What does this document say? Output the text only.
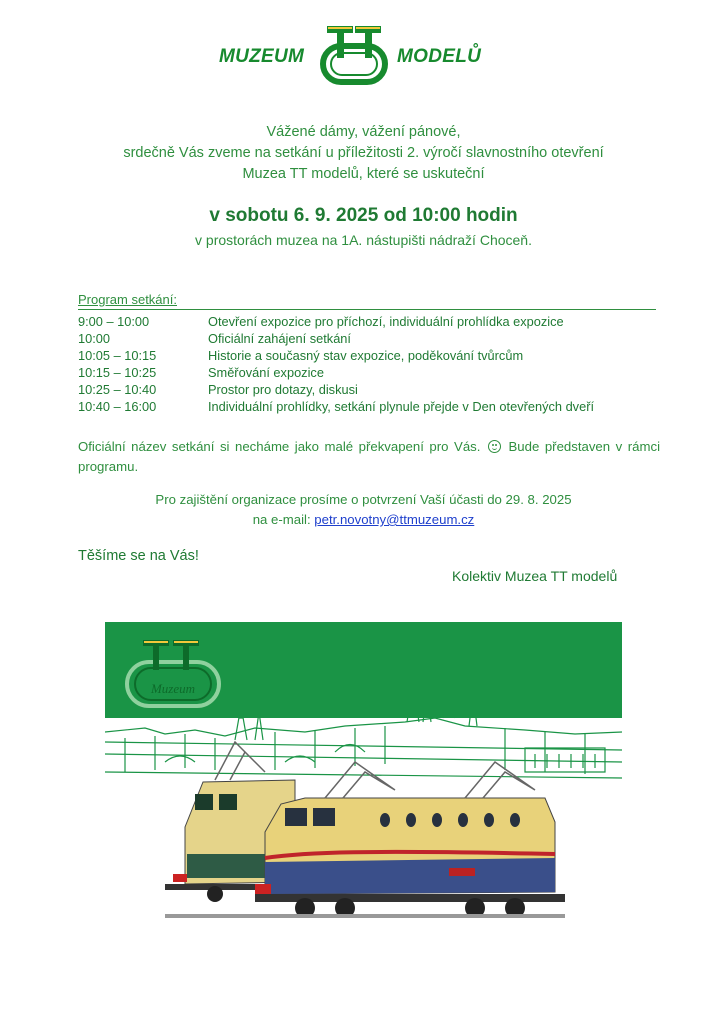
MUZEUM	MODELŮ
Vážené dámy, vážení pánové,
srdečně Vás zveme na setkání u příležitosti 2. výročí slavnostního otevření
Muzea TT modelů, které se uskuteční
v sobotu 6. 9. 2025 od 10:00 hodin
v prostorách muzea na 1A. nástupišti nádraží Choceň.
Program setkání:
9:00 – 10:00	Otevření expozice pro příchozí, individuální prohlídka expozice
10:00	Oficiální zahájení setkání
10:05 – 10:15	Historie a současný stav expozice, poděkování tvůrcům
10:15 – 10:25	Směřování expozice
10:25 – 10:40	Prostor pro dotazy, diskusi
10:40 – 16:00	Individuální prohlídky, setkání plynule přejde v Den otevřených dveří
Oficiální název setkání si necháme jako malé překvapení pro Vás. Bude představen v rámci programu.
Pro zajištění organizace prosíme o potvrzení Vaší účasti do 29. 8. 2025
na e-mail: petr.novotny@ttmuzeum.cz
Těšíme se na Vás!
Kolektiv Muzea TT modelů
Muzeum
